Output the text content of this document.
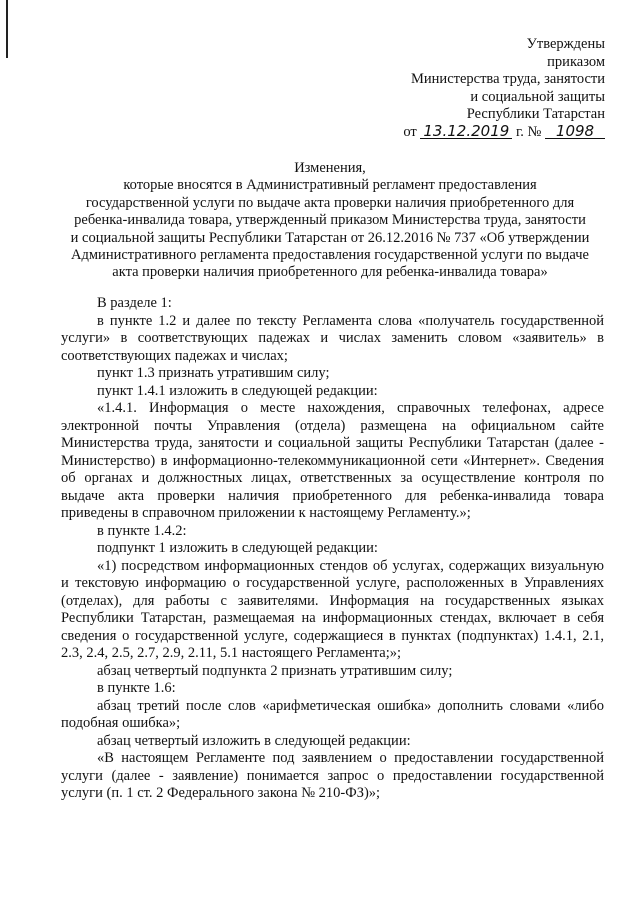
Утверждены
приказом
Министерства труда, занятости
и социальной защиты
Республики Татарстан
от 13.12.2019 г. № 1098
Изменения,
которые вносятся в Административный регламент предоставления
государственной услуги по выдаче акта проверки наличия приобретенного для
ребенка-инвалида товара, утвержденный приказом Министерства труда, занятости
и социальной защиты Республики Татарстан от 26.12.2016 № 737 «Об утверждении
Административного регламента предоставления государственной услуги по выдаче
акта проверки наличия приобретенного для ребенка-инвалида товара»

В разделе 1:

в пункте 1.2 и далее по тексту Регламента слова «получатель государственной услуги» в соответствующих падежах и числах заменить словом «заявитель» в соответствующих падежах и числах;

пункт 1.3 признать утратившим силу;

пункт 1.4.1 изложить в следующей редакции:

«1.4.1. Информация о месте нахождения, справочных телефонах, адресе электронной почты Управления (отдела) размещена на официальном сайте Министерства труда, занятости и социальной защиты Республики Татарстан (далее - Министерство) в информационно-телекоммуникационной сети «Интернет». Сведения об органах и должностных лицах, ответственных за осуществление контроля по выдаче акта проверки наличия приобретенного для ребенка-инвалида товара приведены в справочном приложении к настоящему Регламенту.»;

в пункте 1.4.2:

подпункт 1 изложить в следующей редакции:

«1) посредством информационных стендов об услугах, содержащих визуальную и текстовую информацию о государственной услуге, расположенных в Управлениях (отделах), для работы с заявителями. Информация на государственных языках Республики Татарстан, размещаемая на информационных стендах, включает в себя сведения о государственной услуге, содержащиеся в пунктах (подпунктах) 1.4.1, 2.1, 2.3, 2.4, 2.5, 2.7, 2.9, 2.11, 5.1 настоящего Регламента;»;

абзац четвертый подпункта 2 признать утратившим силу;

в пункте 1.6:

абзац третий после слов «арифметическая ошибка» дополнить словами «либо подобная ошибка»;

абзац четвертый изложить в следующей редакции:

«В настоящем Регламенте под заявлением о предоставлении государственной услуги (далее - заявление) понимается запрос о предоставлении государственной услуги (п. 1 ст. 2 Федерального закона № 210-ФЗ)»;
